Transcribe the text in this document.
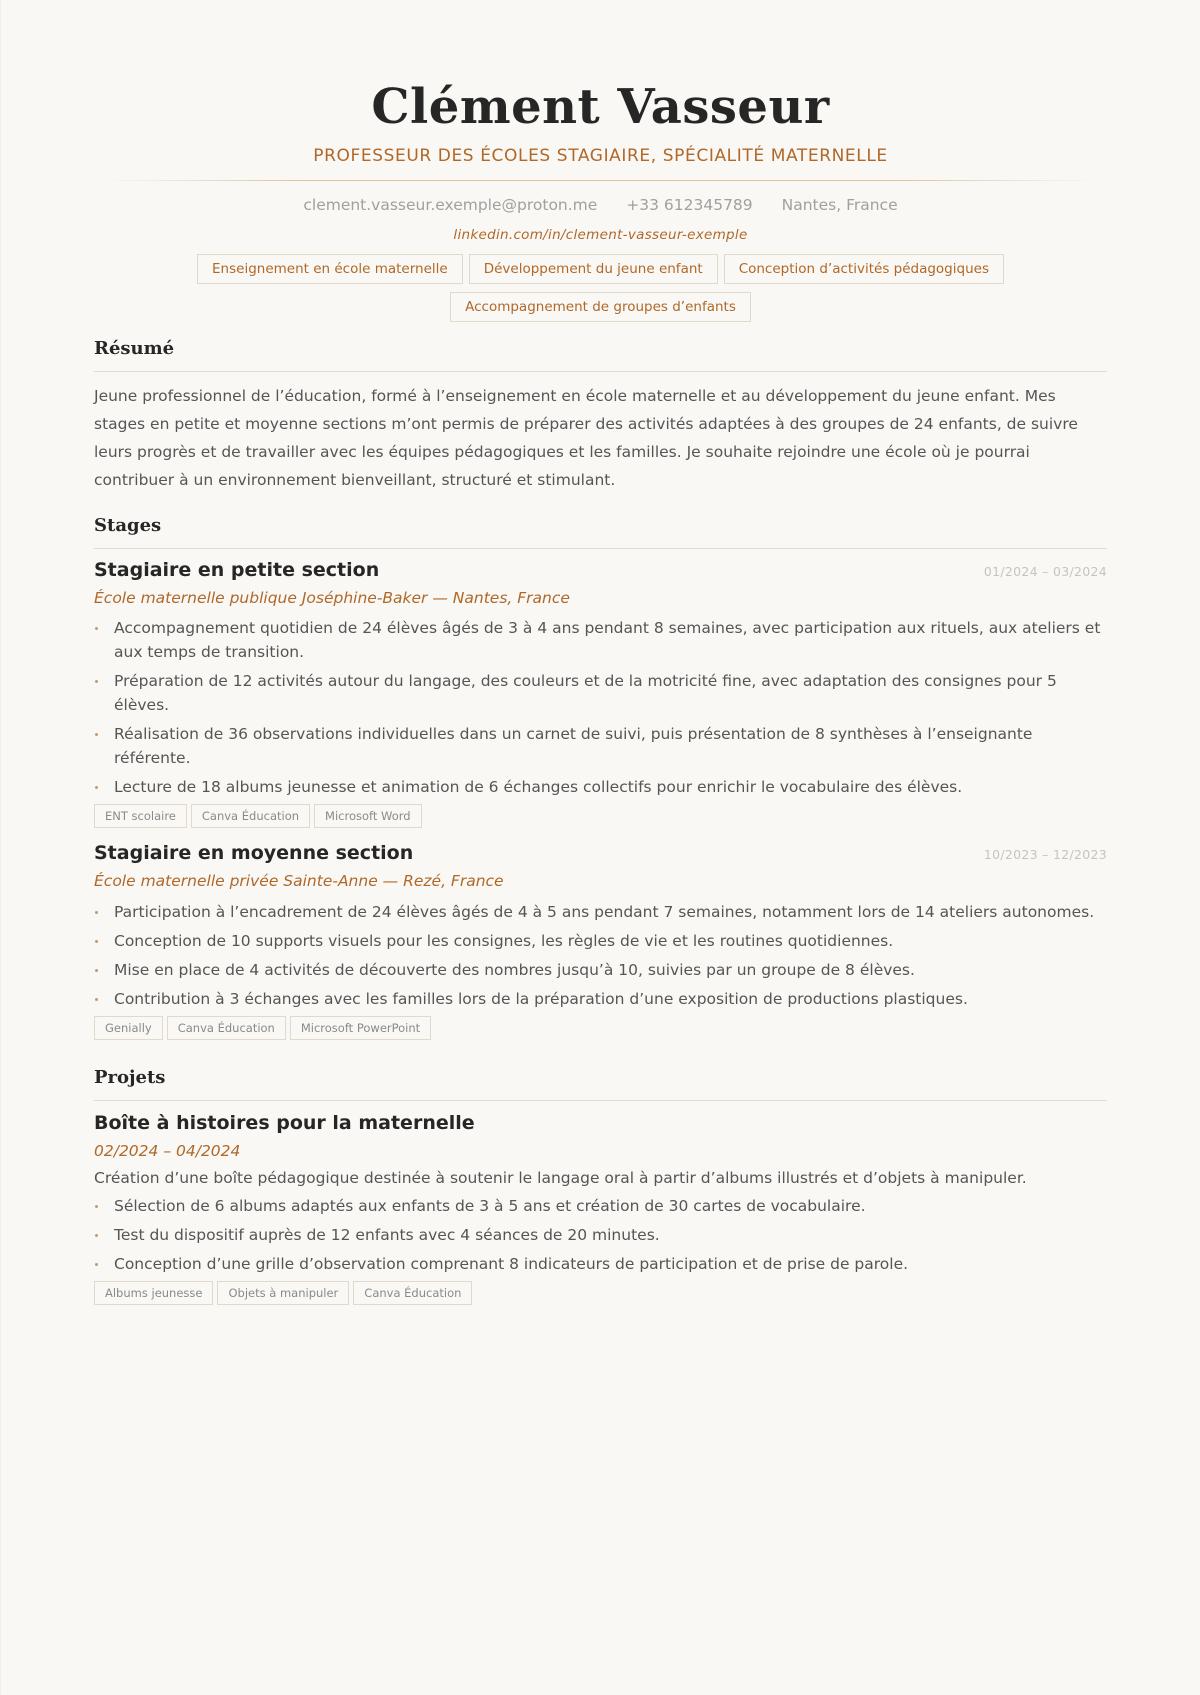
Clément Vasseur
PROFESSEUR DES ÉCOLES STAGIAIRE, SPÉCIALITÉ MATERNELLE
clement.vasseur.exemple@proton.me +33 612345789 Nantes, France
linkedin.com/in/clement-vasseur-exemple
Enseignement en école maternelle	Développement du jeune enfant	Conception d’activités pédagogiques
Accompagnement de groupes d’enfants
Résumé

Jeune professionnel de l’éducation, formé à l’enseignement en école maternelle et au développement du jeune enfant. Mes stages en petite et moyenne sections m’ont permis de préparer des activités adaptées à des groupes de 24 enfants, de suivre leurs progrès et de travailler avec les équipes pédagogiques et les familles. Je souhaite rejoindre une école où je pourrai contribuer à un environnement bienveillant, structuré et stimulant.

Stages
Stagiaire en petite section	01/2024 – 03/2024
École maternelle publique Joséphine-Baker — Nantes, France
Accompagnement quotidien de 24 élèves âgés de 3 à 4 ans pendant 8 semaines, avec participation aux rituels, aux ateliers et aux temps de transition.
Préparation de 12 activités autour du langage, des couleurs et de la motricité fine, avec adaptation des consignes pour 5 élèves.
Réalisation de 36 observations individuelles dans un carnet de suivi, puis présentation de 8 synthèses à l’enseignante référente.
Lecture de 18 albums jeunesse et animation de 6 échanges collectifs pour enrichir le vocabulaire des élèves.
ENT scolaire	Canva Éducation	Microsoft Word
Stagiaire en moyenne section	10/2023 – 12/2023
École maternelle privée Sainte-Anne — Rezé, France
Participation à l’encadrement de 24 élèves âgés de 4 à 5 ans pendant 7 semaines, notamment lors de 14 ateliers autonomes.
Conception de 10 supports visuels pour les consignes, les règles de vie et les routines quotidiennes.
Mise en place de 4 activités de découverte des nombres jusqu’à 10, suivies par un groupe de 8 élèves.
Contribution à 3 échanges avec les familles lors de la préparation d’une exposition de productions plastiques.
Genially	Canva Éducation	Microsoft PowerPoint
Projets
Boîte à histoires pour la maternelle
02/2024 – 04/2024

Création d’une boîte pédagogique destinée à soutenir le langage oral à partir d’albums illustrés et d’objets à manipuler.

Sélection de 6 albums adaptés aux enfants de 3 à 5 ans et création de 30 cartes de vocabulaire.
Test du dispositif auprès de 12 enfants avec 4 séances de 20 minutes.
Conception d’une grille d’observation comprenant 8 indicateurs de participation et de prise de parole.
Albums jeunesse	Objets à manipuler	Canva Éducation
